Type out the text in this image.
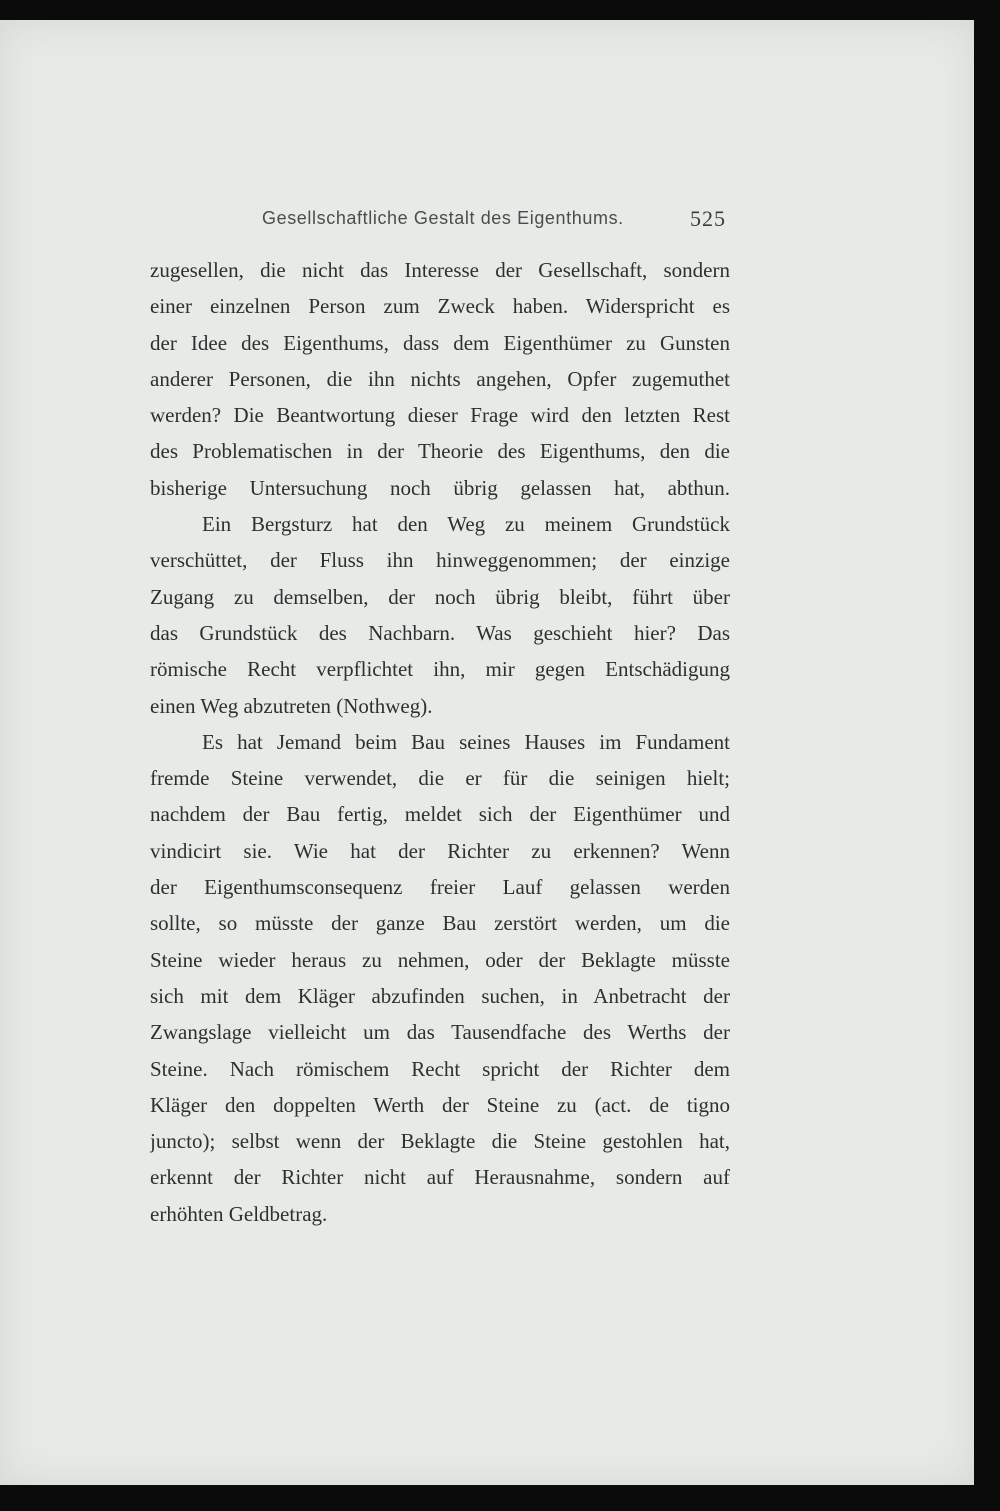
Gesellschaftliche Gestalt des Eigenthums.	525
zugesellen, die nicht das Interesse der Gesellschaft, sondern
einer einzelnen Person zum Zweck haben. Widerspricht es
der Idee des Eigenthums, dass dem Eigenthümer zu Gunsten
anderer Personen, die ihn nichts angehen, Opfer zugemuthet
werden? Die Beantwortung dieser Frage wird den letzten Rest
des Problematischen in der Theorie des Eigenthums, den die
bisherige Untersuchung noch übrig gelassen hat, abthun.
Ein Bergsturz hat den Weg zu meinem Grundstück
verschüttet, der Fluss ihn hinweggenommen; der einzige
Zugang zu demselben, der noch übrig bleibt, führt über
das Grundstück des Nachbarn. Was geschieht hier? Das
römische Recht verpflichtet ihn, mir gegen Entschädigung
einen Weg abzutreten (Nothweg).
Es hat Jemand beim Bau seines Hauses im Fundament
fremde Steine verwendet, die er für die seinigen hielt;
nachdem der Bau fertig, meldet sich der Eigenthümer und
vindicirt sie. Wie hat der Richter zu erkennen? Wenn
der Eigenthumsconsequenz freier Lauf gelassen werden
sollte, so müsste der ganze Bau zerstört werden, um die
Steine wieder heraus zu nehmen, oder der Beklagte müsste
sich mit dem Kläger abzufinden suchen, in Anbetracht der
Zwangslage vielleicht um das Tausendfache des Werths der
Steine. Nach römischem Recht spricht der Richter dem
Kläger den doppelten Werth der Steine zu (act. de tigno
juncto); selbst wenn der Beklagte die Steine gestohlen hat,
erkennt der Richter nicht auf Herausnahme, sondern auf
erhöhten Geldbetrag.
